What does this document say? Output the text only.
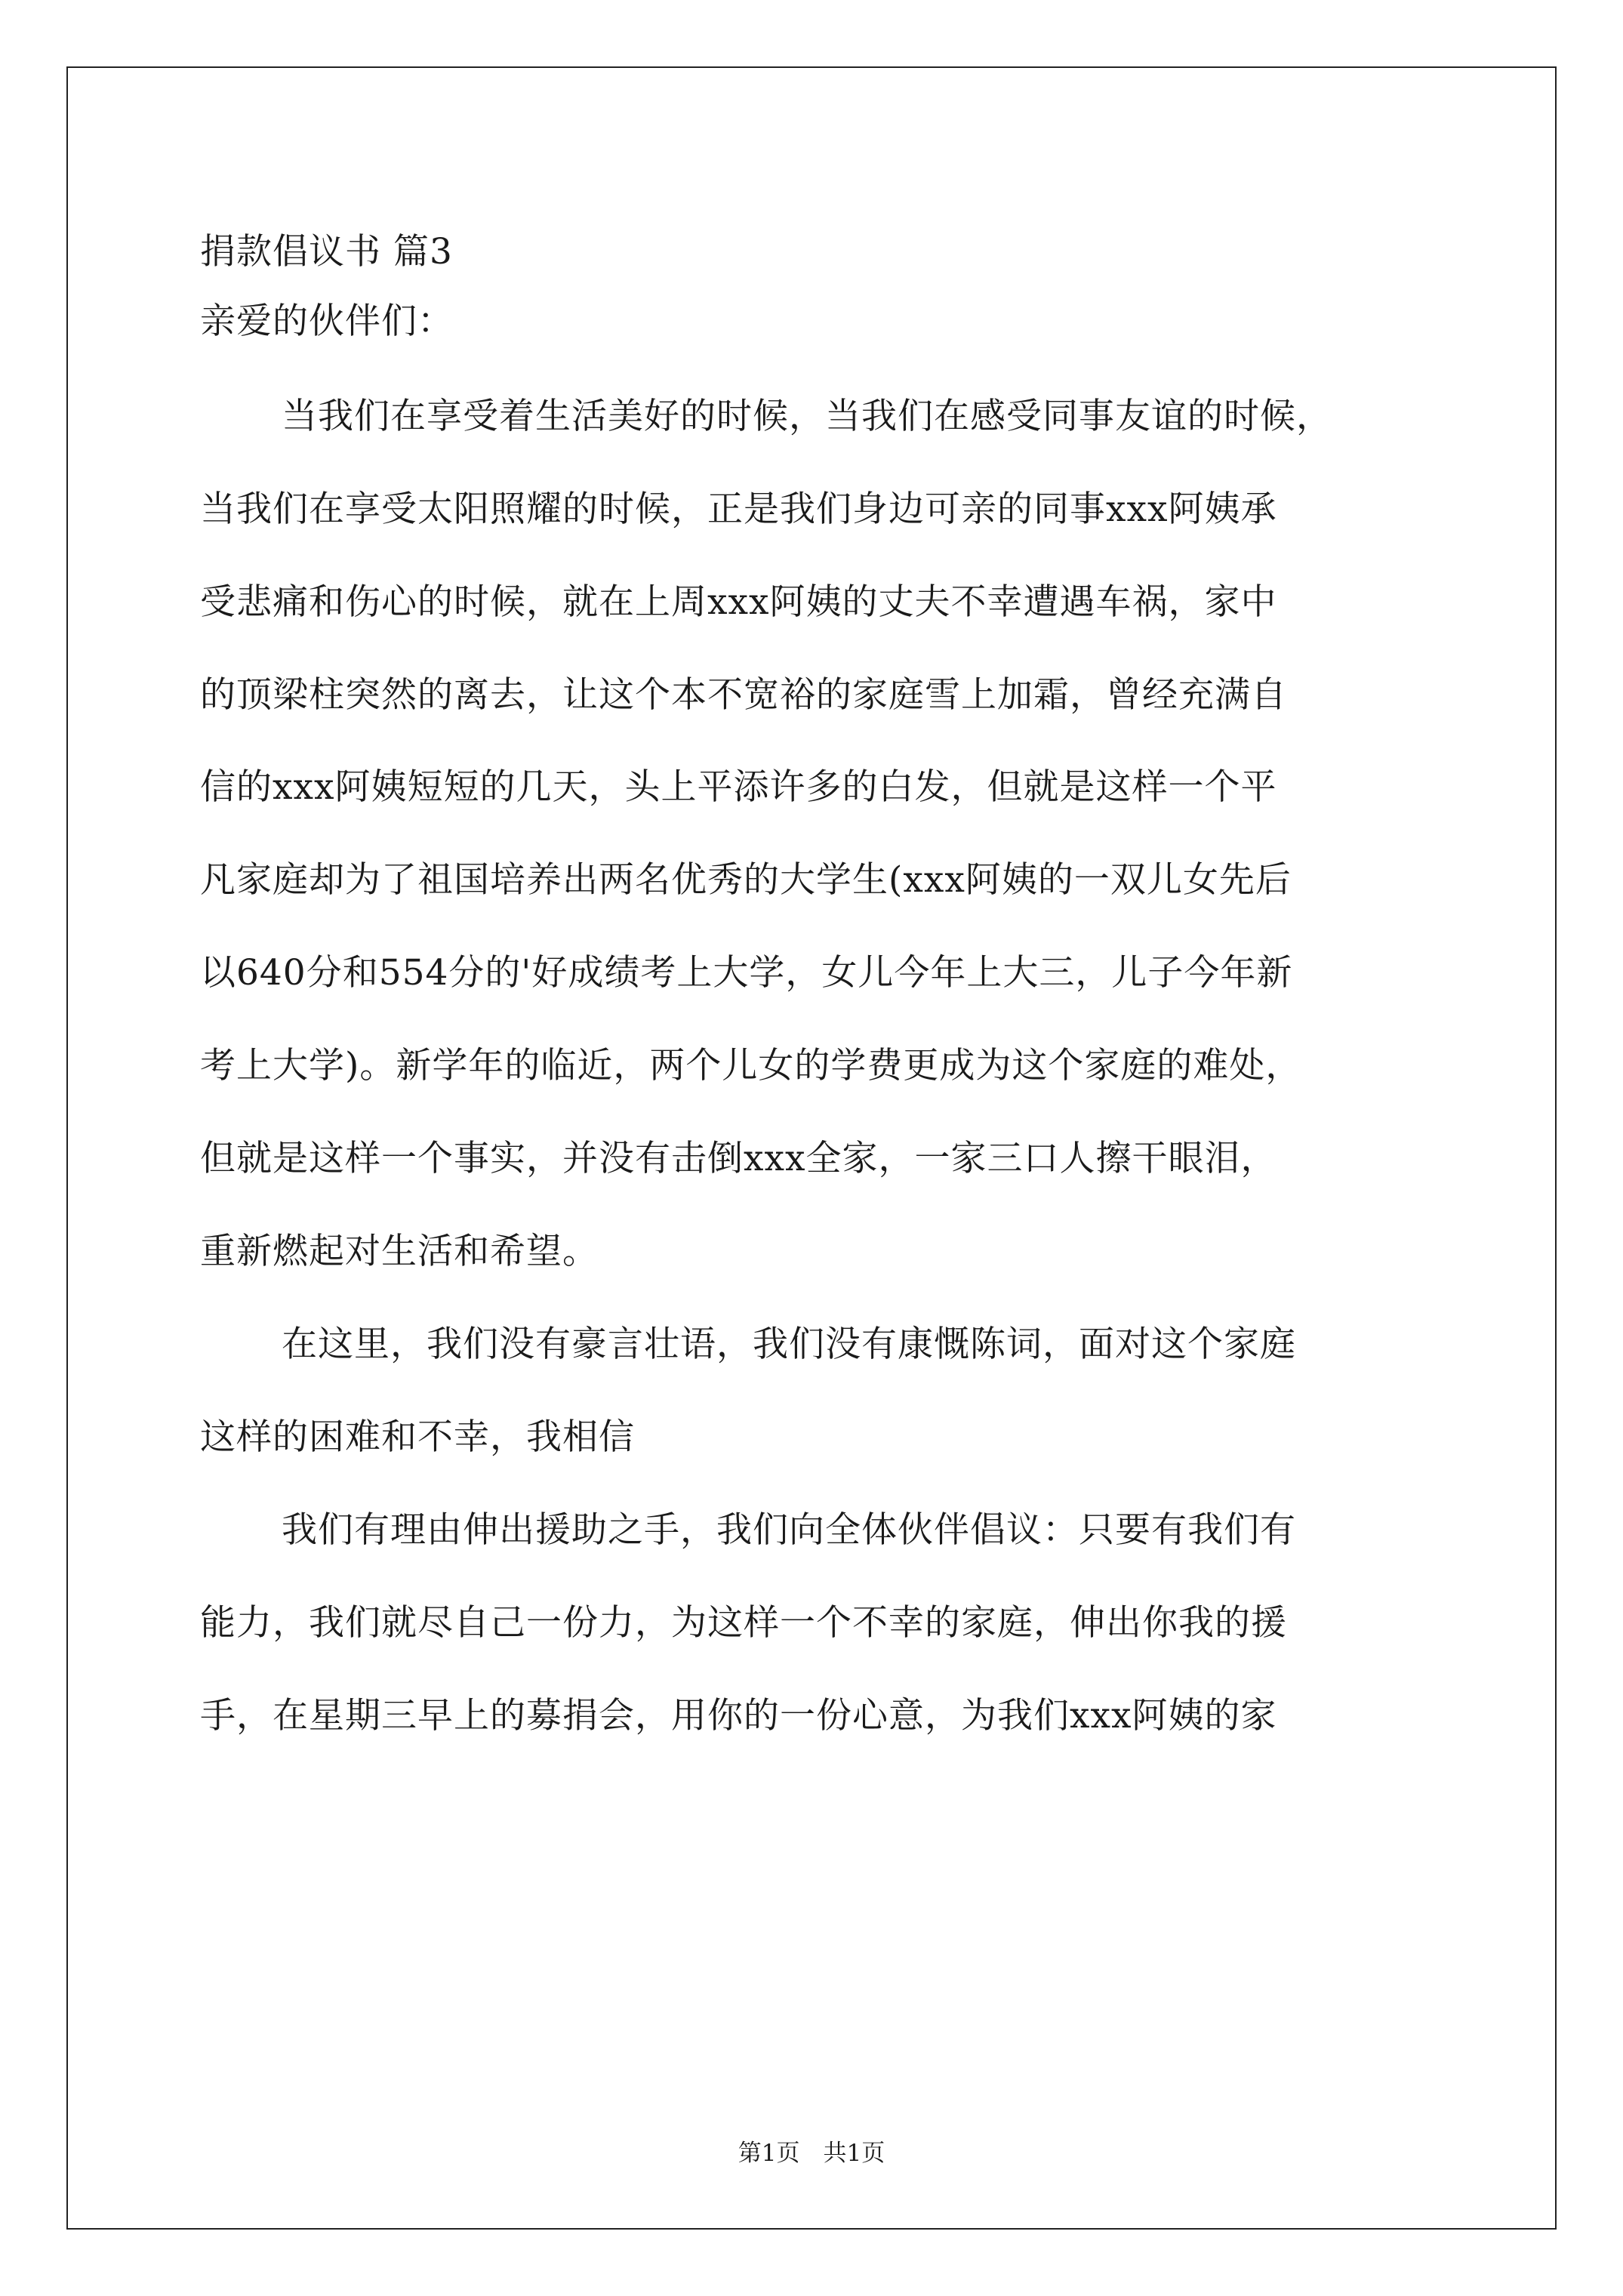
捐款倡议书 篇3
亲爱的伙伴们：
当我们在享受着生活美好的时候，当我们在感受同事友谊的时候，
当我们在享受太阳照耀的时候，正是我们身边可亲的同事xxx阿姨承
受悲痛和伤心的时候，就在上周xxx阿姨的丈夫不幸遭遇车祸，家中
的顶梁柱突然的离去，让这个本不宽裕的家庭雪上加霜，曾经充满自
信的xxx阿姨短短的几天，头上平添许多的白发，但就是这样一个平
凡家庭却为了祖国培养出两名优秀的大学生(xxx阿姨的一双儿女先后
以640分和554分的'好成绩考上大学，女儿今年上大三，儿子今年新
考上大学)。新学年的临近，两个儿女的学费更成为这个家庭的难处，
但就是这样一个事实，并没有击倒xxx全家，一家三口人擦干眼泪，
重新燃起对生活和希望。
在这里，我们没有豪言壮语，我们没有康慨陈词，面对这个家庭
这样的困难和不幸，我相信
我们有理由伸出援助之手，我们向全体伙伴倡议：只要有我们有
能力，我们就尽自己一份力，为这样一个不幸的家庭，伸出你我的援
手，在星期三早上的募捐会，用你的一份心意，为我们xxx阿姨的家
第1页　共1页
